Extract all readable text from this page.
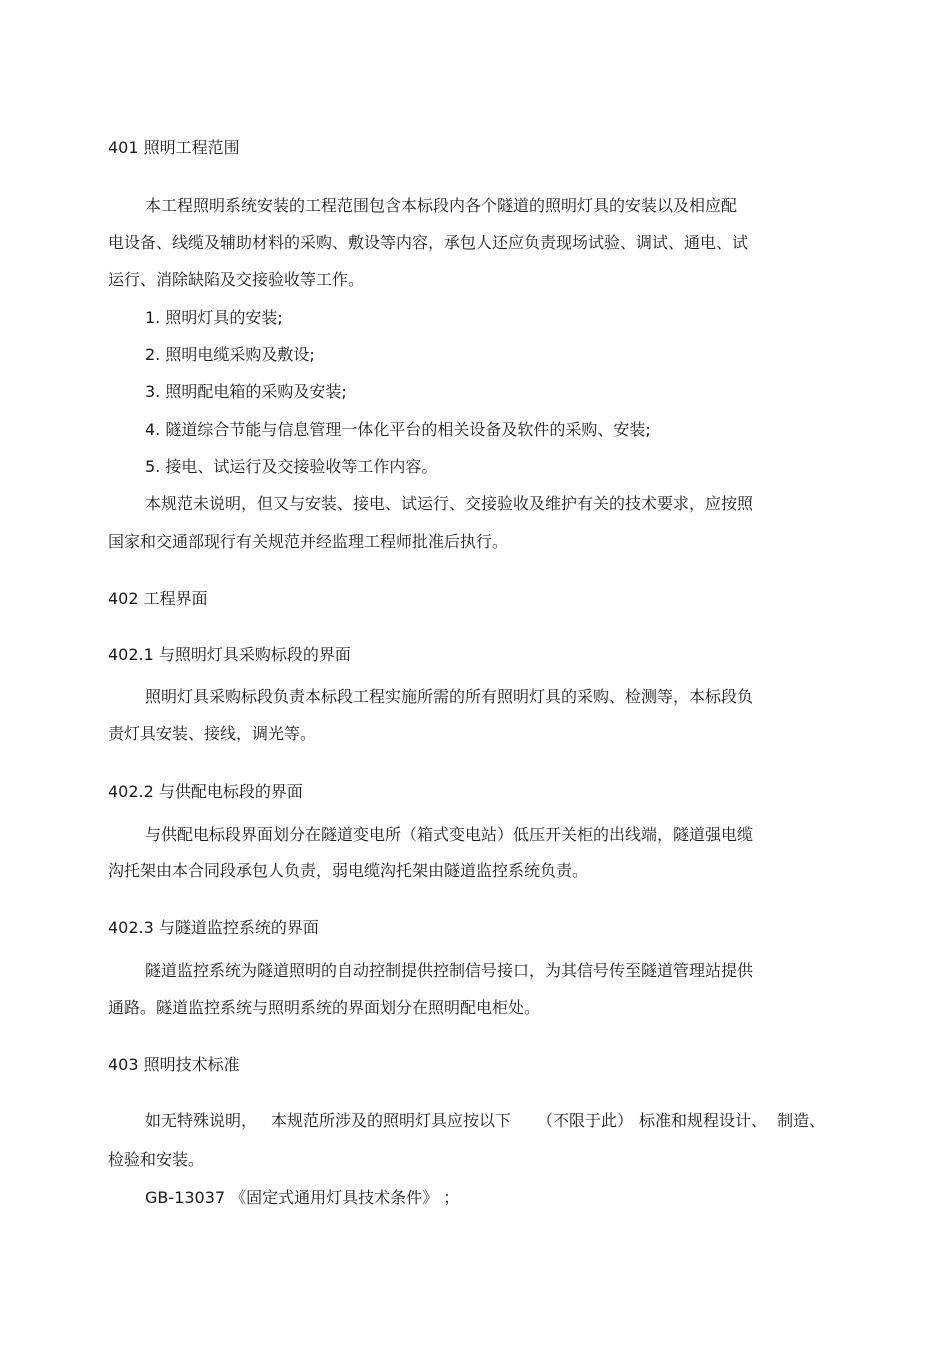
401 照明工程范围

本工程照明系统安装的工程范围包含本标段内各个隧道的照明灯具的安装以及相应配

电设备、线缆及辅助材料的采购、敷设等内容，承包人还应负责现场试验、调试、通电、试

运行、消除缺陷及交接验收等工作。

1. 照明灯具的安装;

2. 照明电缆采购及敷设;

3. 照明配电箱的采购及安装;

4. 隧道综合节能与信息管理一体化平台的相关设备及软件的采购、安装;

5. 接电、试运行及交接验收等工作内容。

本规范未说明，但又与安装、接电、试运行、交接验收及维护有关的技术要求，应按照

国家和交通部现行有关规范并经监理工程师批准后执行。

402 工程界面

402.1 与照明灯具采购标段的界面

照明灯具采购标段负责本标段工程实施所需的所有照明灯具的采购、检测等，本标段负

责灯具安装、接线，调光等。

402.2 与供配电标段的界面

与供配电标段界面划分在隧道变电所（箱式变电站）低压开关柜的出线端，隧道强电缆

沟托架由本合同段承包人负责，弱电缆沟托架由隧道监控系统负责。

402.3 与隧道监控系统的界面

隧道监控系统为隧道照明的自动控制提供控制信号接口，为其信号传至隧道管理站提供

通路。隧道监控系统与照明系统的界面划分在照明配电柜处。

403 照明技术标准

如无特殊说明， 本规范所涉及的照明灯具应按以下 （不限于此） 标准和规程设计、 制造、

检验和安装。

GB-13037 《固定式通用灯具技术条件》 ；
